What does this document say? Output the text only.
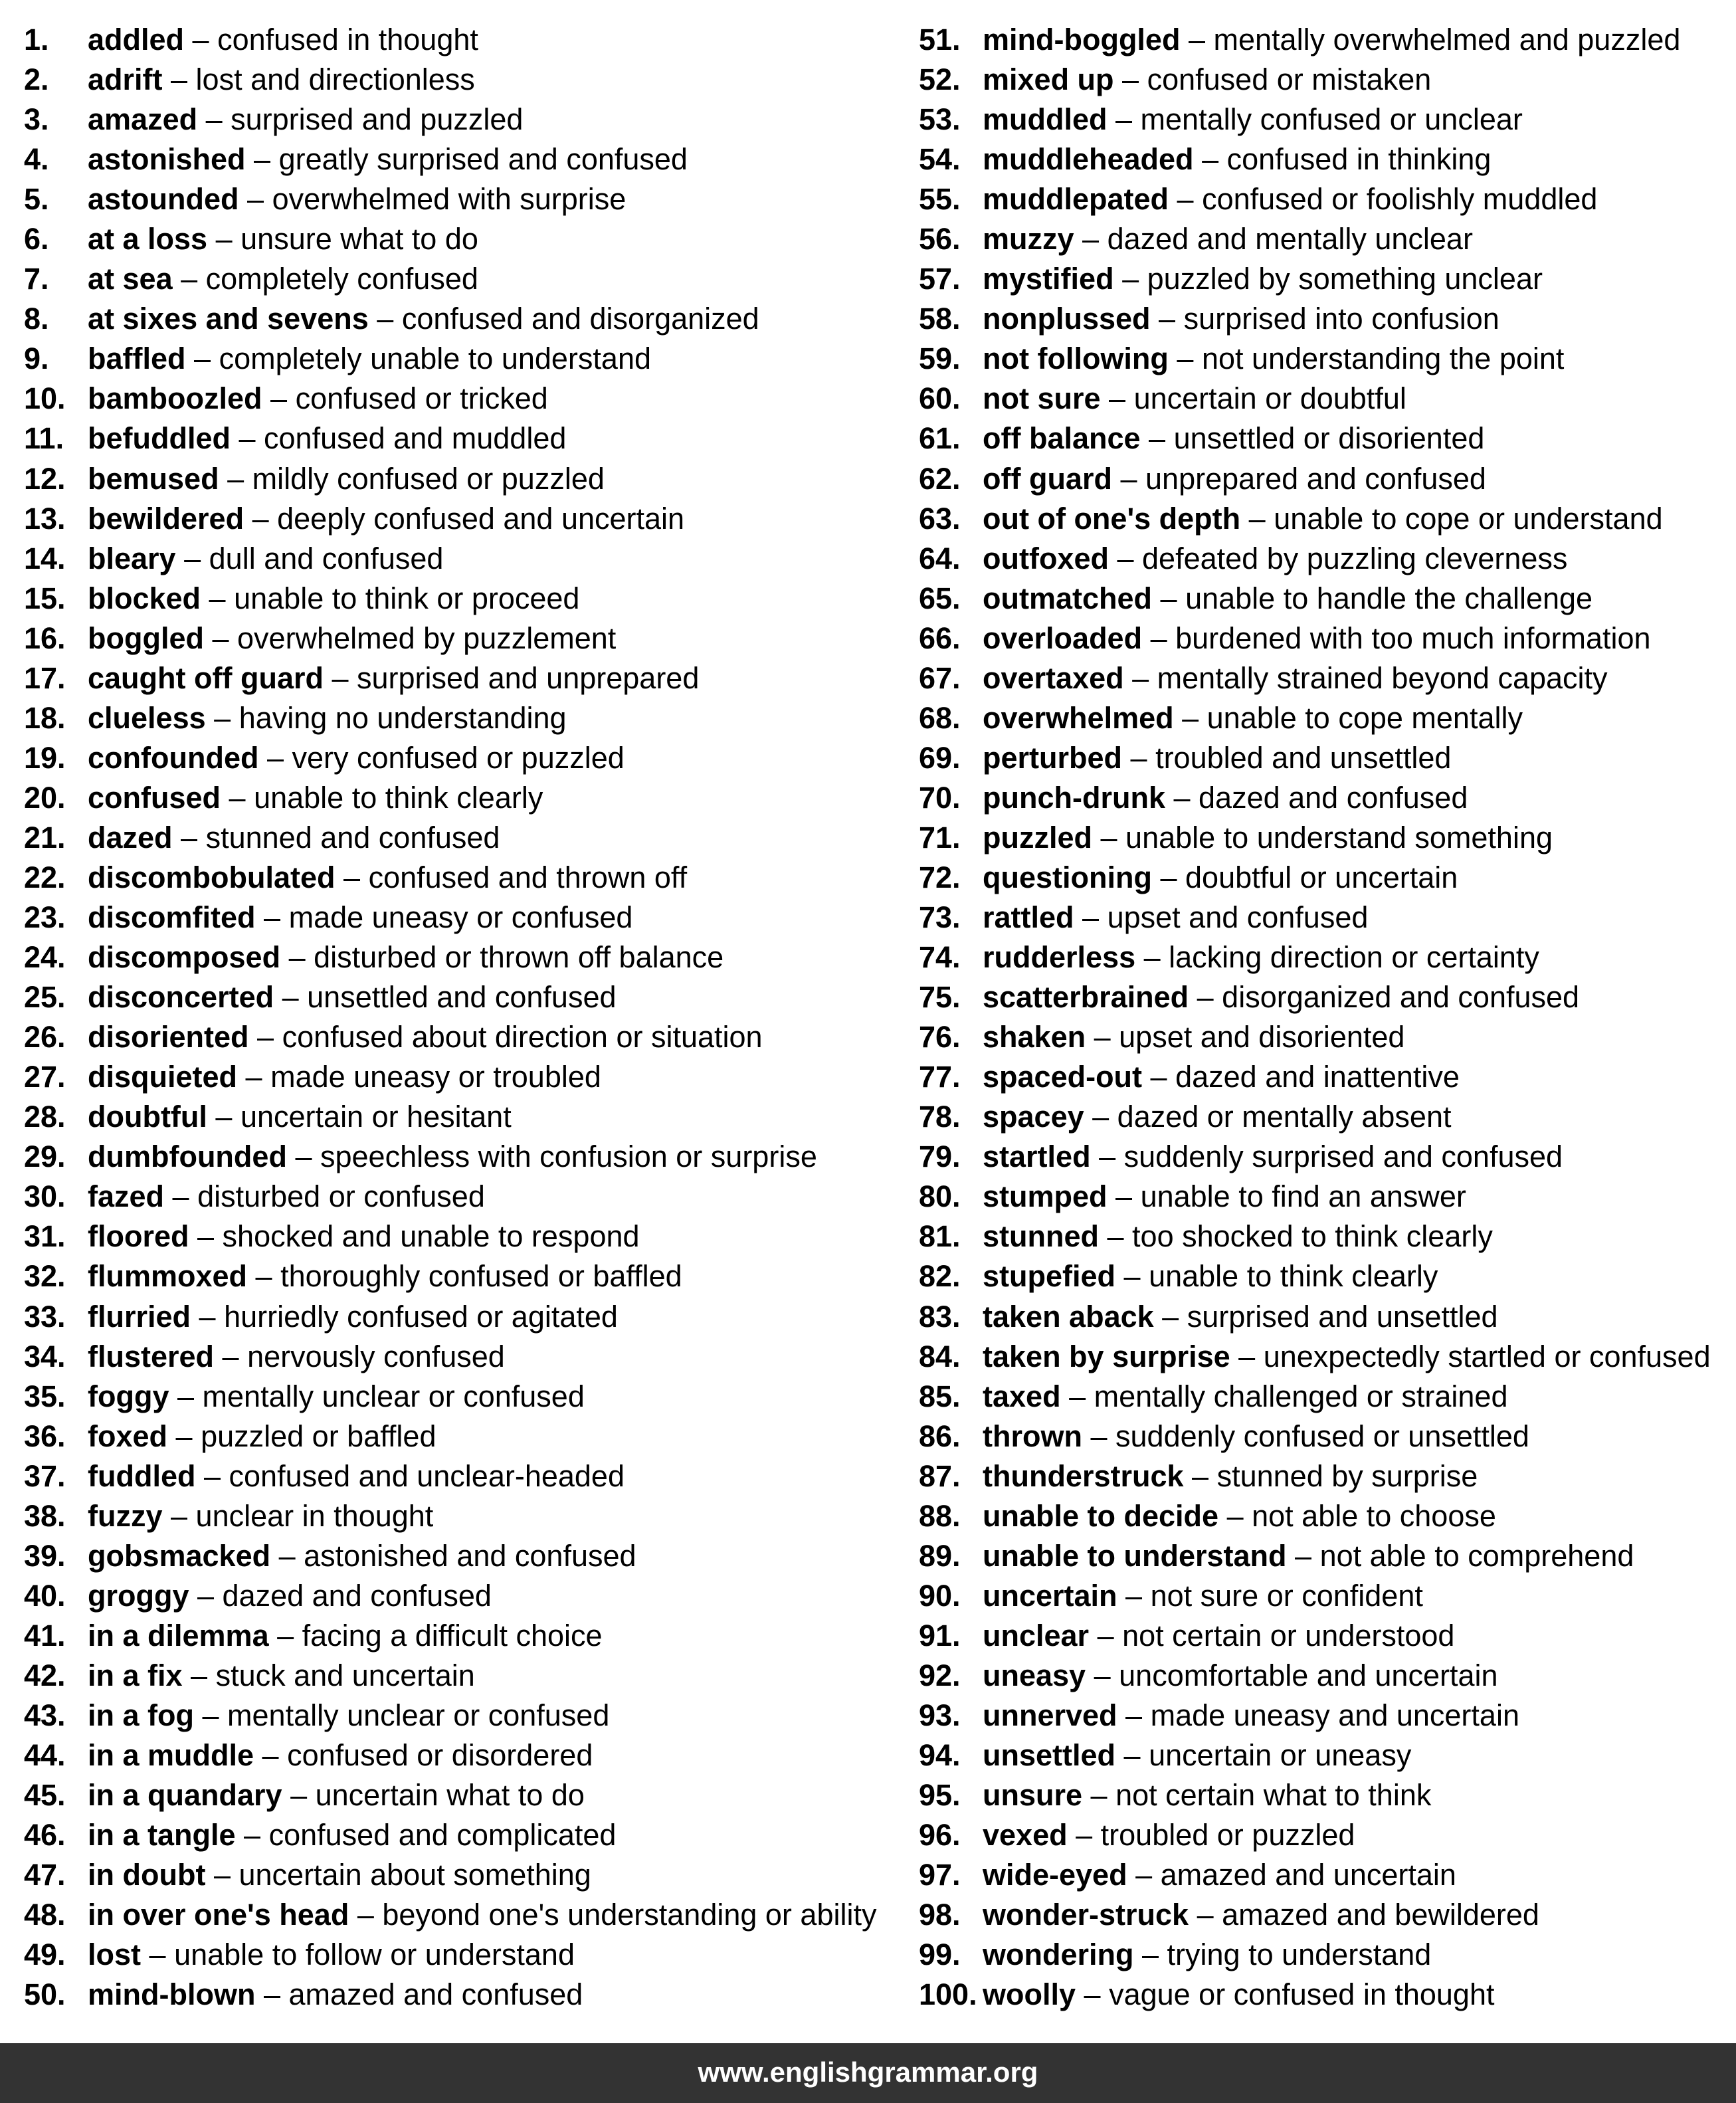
1.	addled – confused in thought
2.	adrift – lost and directionless
3.	amazed – surprised and puzzled
4.	astonished – greatly surprised and confused
5.	astounded – overwhelmed with surprise
6.	at a loss – unsure what to do
7.	at sea – completely confused
8.	at sixes and sevens – confused and disorganized
9.	baffled – completely unable to understand
10. bamboozled – confused or tricked
11. befuddled – confused and muddled
12. bemused – mildly confused or puzzled
13. bewildered – deeply confused and uncertain
14. bleary – dull and confused
15. blocked – unable to think or proceed
16. boggled – overwhelmed by puzzlement
17. caught off guard – surprised and unprepared
18. clueless – having no understanding
19. confounded – very confused or puzzled
20. confused – unable to think clearly
21. dazed – stunned and confused
22. discombobulated – confused and thrown off
23. discomfited – made uneasy or confused
24. discomposed – disturbed or thrown off balance
25. disconcerted – unsettled and confused
26. disoriented – confused about direction or situation
27. disquieted – made uneasy or troubled
28. doubtful – uncertain or hesitant
29. dumbfounded – speechless with confusion or surprise
30. fazed – disturbed or confused
31. floored – shocked and unable to respond
32. flummoxed – thoroughly confused or baffled
33. flurried – hurriedly confused or agitated
34. flustered – nervously confused
35. foggy – mentally unclear or confused
36. foxed – puzzled or baffled
37. fuddled – confused and unclear-headed
38. fuzzy – unclear in thought
39. gobsmacked – astonished and confused
40. groggy – dazed and confused
41. in a dilemma – facing a difficult choice
42. in a fix – stuck and uncertain
43. in a fog – mentally unclear or confused
44. in a muddle – confused or disordered
45. in a quandary – uncertain what to do
46. in a tangle – confused and complicated
47. in doubt – uncertain about something
48. in over one's head – beyond one's understanding or ability
49. lost – unable to follow or understand
50. mind-blown – amazed and confused
51. mind-boggled – mentally overwhelmed and puzzled
52. mixed up – confused or mistaken
53. muddled – mentally confused or unclear
54. muddleheaded – confused in thinking
55. muddlepated – confused or foolishly muddled
56. muzzy – dazed and mentally unclear
57. mystified – puzzled by something unclear
58. nonplussed – surprised into confusion
59. not following – not understanding the point
60. not sure – uncertain or doubtful
61. off balance – unsettled or disoriented
62. off guard – unprepared and confused
63. out of one's depth – unable to cope or understand
64. outfoxed – defeated by puzzling cleverness
65. outmatched – unable to handle the challenge
66. overloaded – burdened with too much information
67. overtaxed – mentally strained beyond capacity
68. overwhelmed – unable to cope mentally
69. perturbed – troubled and unsettled
70. punch-drunk – dazed and confused
71. puzzled – unable to understand something
72. questioning – doubtful or uncertain
73. rattled – upset and confused
74. rudderless – lacking direction or certainty
75. scatterbrained – disorganized and confused
76. shaken – upset and disoriented
77. spaced-out – dazed and inattentive
78. spacey – dazed or mentally absent
79. startled – suddenly surprised and confused
80. stumped – unable to find an answer
81. stunned – too shocked to think clearly
82. stupefied – unable to think clearly
83. taken aback – surprised and unsettled
84. taken by surprise – unexpectedly startled or confused
85. taxed – mentally challenged or strained
86. thrown – suddenly confused or unsettled
87. thunderstruck – stunned by surprise
88. unable to decide – not able to choose
89. unable to understand – not able to comprehend
90. uncertain – not sure or confident
91. unclear – not certain or understood
92. uneasy – uncomfortable and uncertain
93. unnerved – made uneasy and uncertain
94. unsettled – uncertain or uneasy
95. unsure – not certain what to think
96. vexed – troubled or puzzled
97. wide-eyed – amazed and uncertain
98. wonder-struck – amazed and bewildered
99. wondering – trying to understand
100. woolly – vague or confused in thought
www.englishgrammar.org
